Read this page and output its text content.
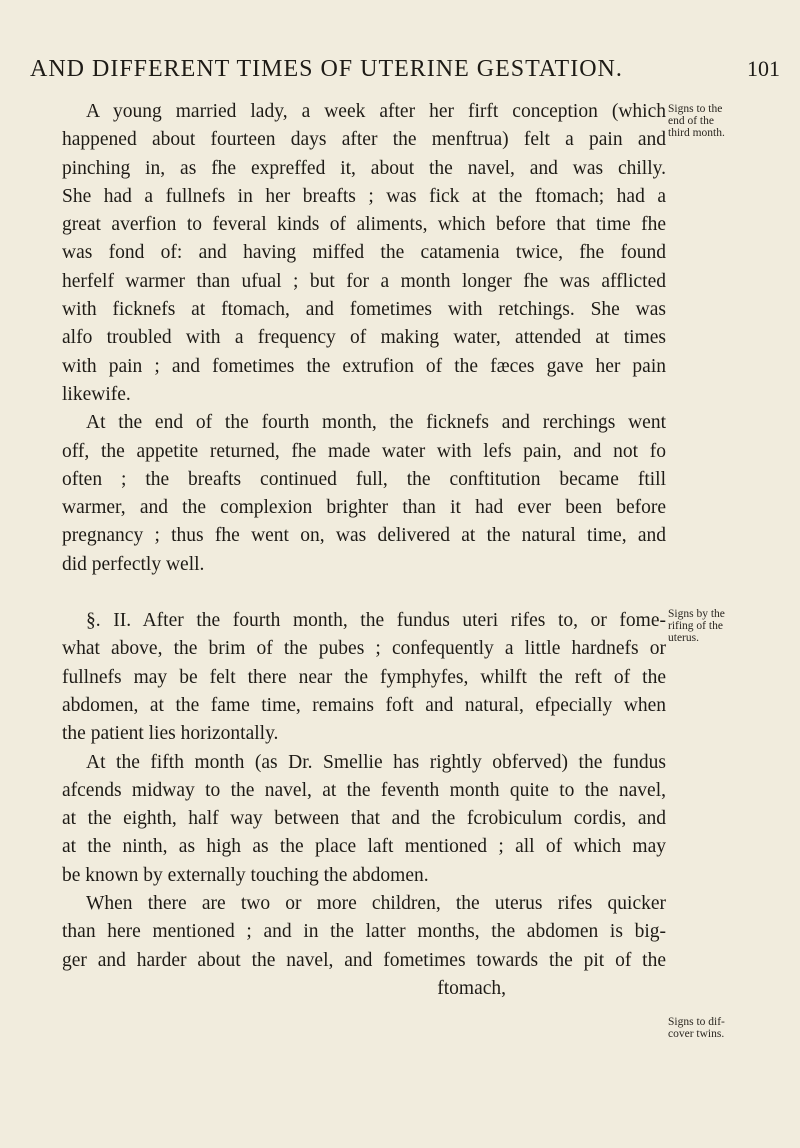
AND DIFFERENT TIMES OF UTERINE GESTATION.	101
A young married lady, a week after her firft conception (which
happened about fourteen days after the menftrua) felt a pain and
pinching in, as fhe expreffed it, about the navel, and was chilly.
She had a fullnefs in her breafts ; was fick at the ftomach; had a
great averfion to feveral kinds of aliments, which before that time fhe
was fond of: and having miffed the catamenia twice, fhe found
herfelf warmer than ufual ; but for a month longer fhe was afflicted
with ficknefs at ftomach, and fometimes with retchings. She was
alfo troubled with a frequency of making water, attended at times
with pain ; and fometimes the extrufion of the fæces gave her pain
likewife.
At the end of the fourth month, the ficknefs and rerchings went
off, the appetite returned, fhe made water with lefs pain, and not fo
often ; the breafts continued full, the conftitution became ftill
warmer, and the complexion brighter than it had ever been before
pregnancy ; thus fhe went on, was delivered at the natural time, and
did perfectly well.
§. II. After the fourth month, the fundus uteri rifes to, or fome-
what above, the brim of the pubes ; confequently a little hardnefs or
fullnefs may be felt there near the fymphyfes, whilft the reft of the
abdomen, at the fame time, remains foft and natural, efpecially when
the patient lies horizontally.
At the fifth month (as Dr. Smellie has rightly obferved) the fundus
afcends midway to the navel, at the feventh month quite to the navel,
at the eighth, half way between that and the fcrobiculum cordis, and
at the ninth, as high as the place laft mentioned ; all of which may
be known by externally touching the abdomen.
When there are two or more children, the uterus rifes quicker
than here mentioned ; and in the latter months, the abdomen is big-
ger and harder about the navel, and fometimes towards the pit of the
ftomach,
Signs to the
end of the
third month.
Signs by the
rifing of the
uterus.
Signs to dif-
cover twins.
